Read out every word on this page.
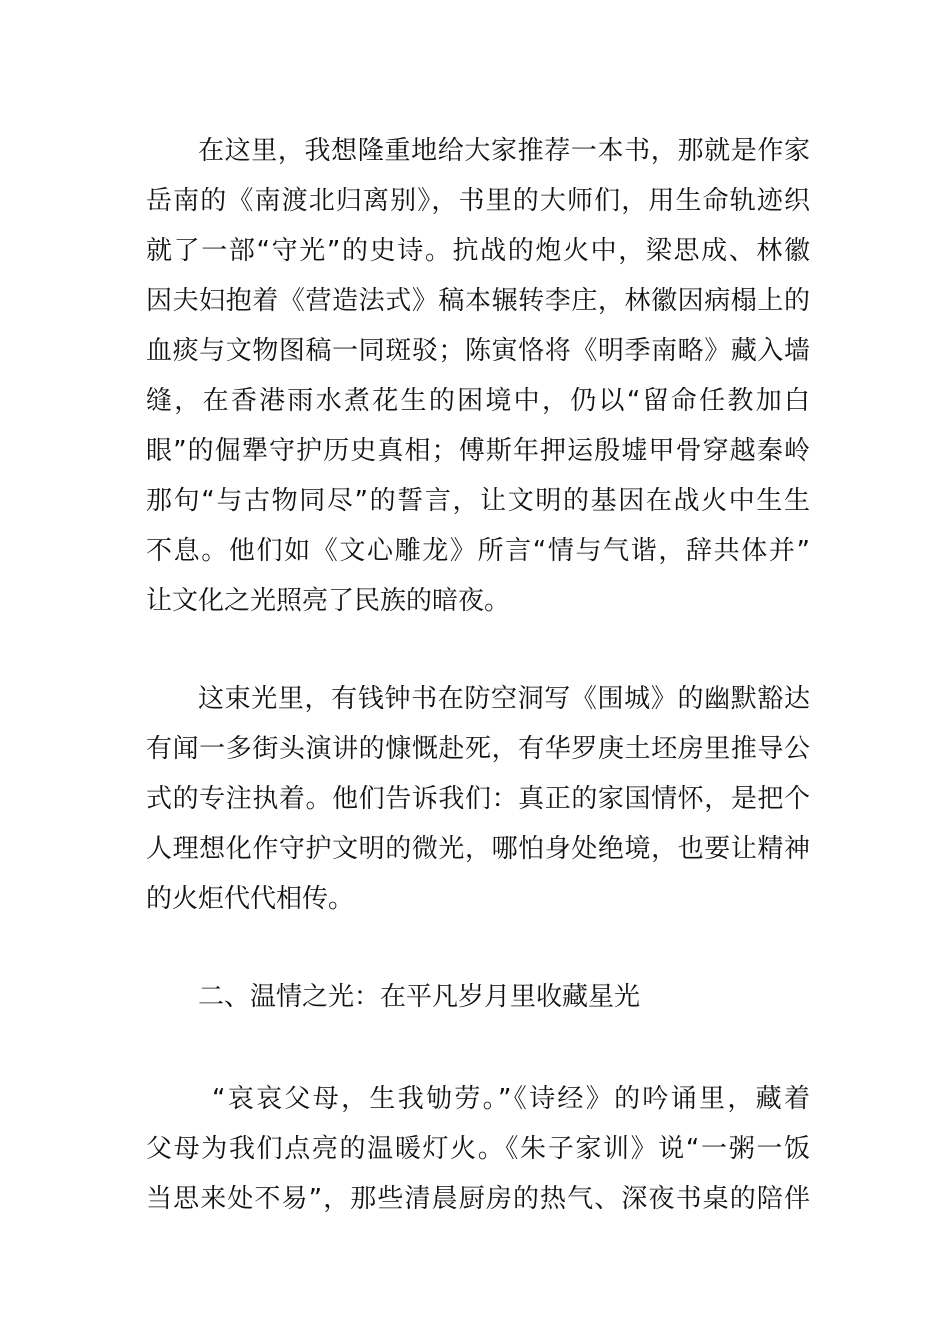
在这里，我想隆重地给大家推荐一本书，那就是作家
岳南的《南渡北归离别》，书里的大师们，用生命轨迹织
就了一部“守光”的史诗。抗战的炮火中，梁思成、林徽
因夫妇抱着《营造法式》稿本辗转李庄，林徽因病榻上的
血痰与文物图稿一同斑驳；陈寅恪将《明季南略》藏入墙
缝，在香港雨水煮花生的困境中，仍以“留命任教加白
眼”的倔犟守护历史真相；傅斯年押运殷墟甲骨穿越秦岭
那句“与古物同尽”的誓言，让文明的基因在战火中生生
不息。他们如《文心雕龙》所言“情与气谐，辞共体并”
让文化之光照亮了民族的暗夜。
这束光里，有钱钟书在防空洞写《围城》的幽默豁达
有闻一多街头演讲的慷慨赴死，有华罗庚土坯房里推导公
式的专注执着。他们告诉我们：真正的家国情怀，是把个
人理想化作守护文明的微光，哪怕身处绝境，也要让精神
的火炬代代相传。
二、温情之光：在平凡岁月里收藏星光
“哀哀父母，生我劬劳。”《诗经》的吟诵里，藏着
父母为我们点亮的温暖灯火。《朱子家训》说“一粥一饭
当思来处不易”，那些清晨厨房的热气、深夜书桌的陪伴
